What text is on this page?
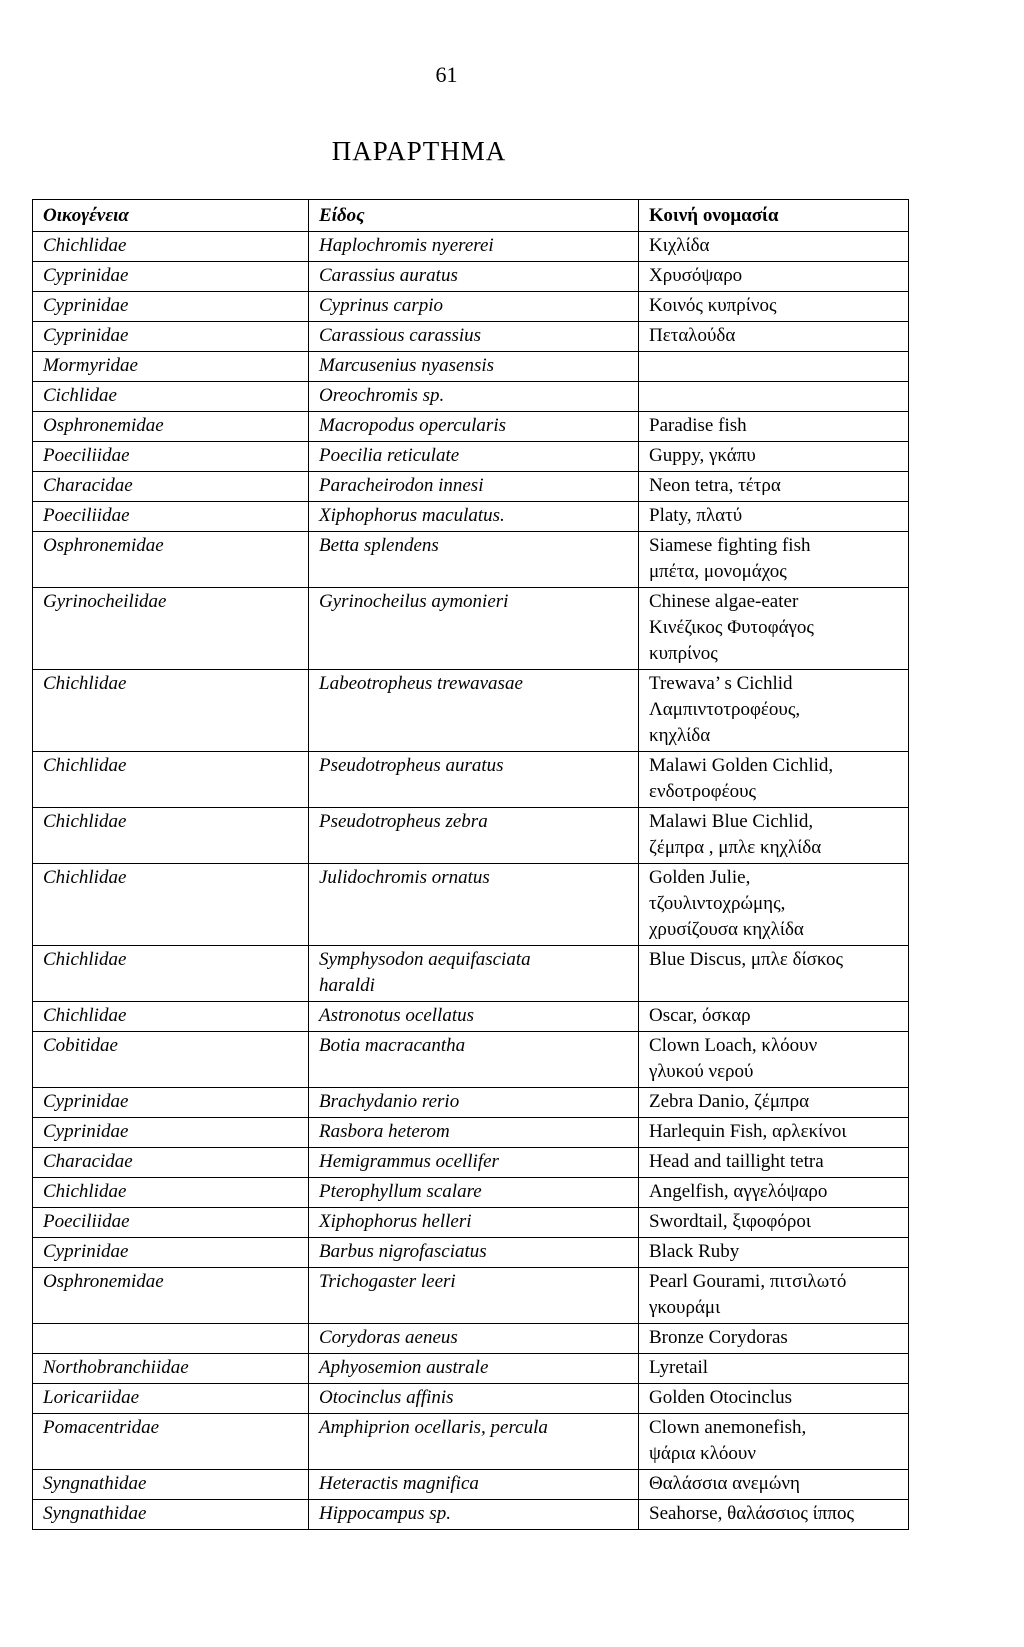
61
ΠΑΡΑΡΤΗΜΑ
Οικογένεια	Είδος	Κοινή ονομασία
Chichlidae	Haplochromis nyererei	Κιχλίδα
Cyprinidae	Carassius auratus	Χρυσόψαρο
Cyprinidae	Cyprinus carpio	Κοινός κυπρίνος
Cyprinidae	Carassious carassius	Πεταλούδα
Mormyridae	Marcusenius nyasensis	
Cichlidae	Oreochromis sp.	
Osphronemidae	Macropodus opercularis	Paradise fish
Poeciliidae	Poecilia reticulate	Guppy, γκάπυ
Characidae	Paracheirodon innesi	Neon tetra, τέτρα
Poeciliidae	Xiphophorus maculatus.	Platy, πλατύ
Osphronemidae	Betta splendens	Siamese fighting fish
μπέτα, μονομάχος
Gyrinocheilidae	Gyrinocheilus aymonieri	Chinese algae-eater
Κινέζικος Φυτοφάγος
κυπρίνος
Chichlidae	Labeotropheus trewavasae	Trewava’ s Cichlid
Λαμπιντοτροφέους,
κηχλίδα
Chichlidae	Pseudotropheus auratus	Malawi Golden Cichlid,
ενδοτροφέους
Chichlidae	Pseudotropheus zebra	Malawi Blue Cichlid,
ζέμπρα , μπλε κηχλίδα
Chichlidae	Julidochromis ornatus	Golden Julie,
τζουλιντοχρώμης,
χρυσίζουσα κηχλίδα
Chichlidae	Symphysodon aequifasciata
haraldi	Blue Discus, μπλε δίσκος
Chichlidae	Astronotus ocellatus	Oscar, όσκαρ
Cobitidae	Botia macracantha	Clown Loach, κλόουν
γλυκού νερού
Cyprinidae	Brachydanio rerio	Zebra Danio, ζέμπρα
Cyprinidae	Rasbora heterom	Harlequin Fish, αρλεκίνοι
Characidae	Hemigrammus ocellifer	Head and taillight tetra
Chichlidae	Pterophyllum scalare	Angelfish, αγγελόψαρο
Poeciliidae	Xiphophorus helleri	Swordtail, ξιφοφόροι
Cyprinidae	Barbus nigrofasciatus	Black Ruby
Osphronemidae	Trichogaster leeri	Pearl Gourami, πιτσιλωτό
γκουράμι
	Corydoras aeneus	Bronze Corydoras
Northobranchiidae	Aphyosemion australe	Lyretail
Loricariidae	Otocinclus affinis	Golden Otocinclus
Pomacentridae	Amphiprion ocellaris, percula	Clown anemonefish,
ψάρια κλόουν
Syngnathidae	Heteractis magnifica	Θαλάσσια ανεμώνη
Syngnathidae	Hippocampus sp.	Seahorse, θαλάσσιος ίππος
